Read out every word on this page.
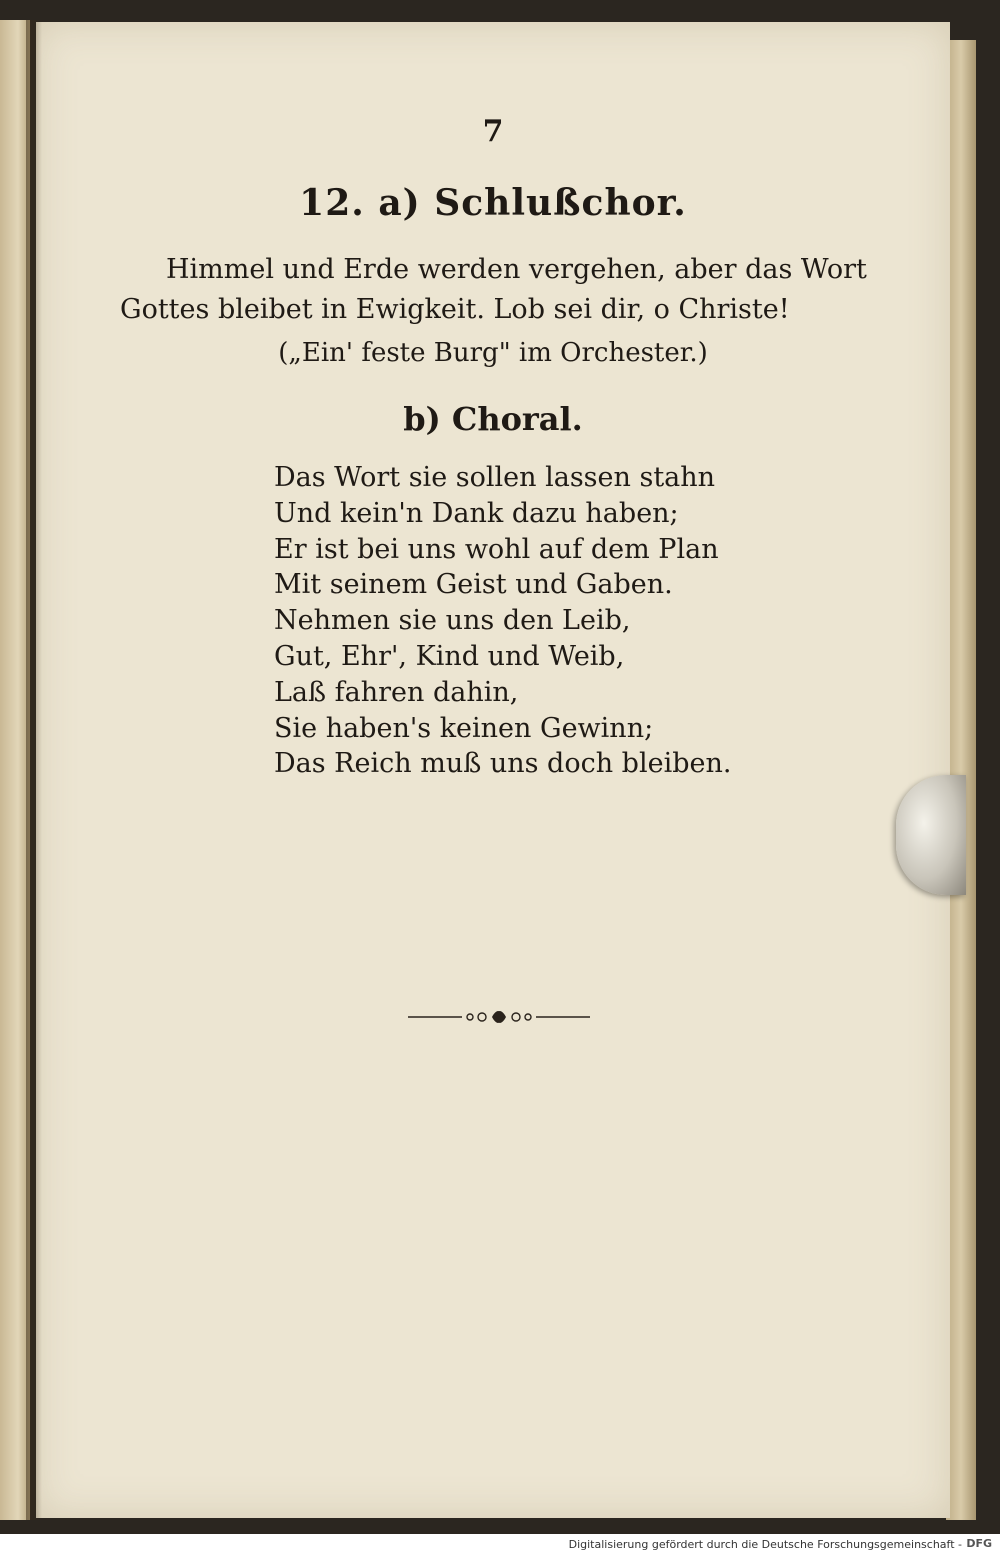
7
12. a) Schlußchor.
Himmel und Erde werden vergehen, aber das Wort
Gottes bleibet in Ewigkeit. Lob sei dir, o Christe!
(„Ein' feste Burg" im Orchester.)
b) Choral.
Das Wort sie sollen lassen stahn
Und kein'n Dank dazu haben;
Er ist bei uns wohl auf dem Plan
Mit seinem Geist und Gaben.
Nehmen sie uns den Leib,
Gut, Ehr', Kind und Weib,
Laß fahren dahin,
Sie haben's keinen Gewinn;
Das Reich muß uns doch bleiben.
Digitalisierung gefördert durch die Deutsche Forschungsgemeinschaft - DFG
